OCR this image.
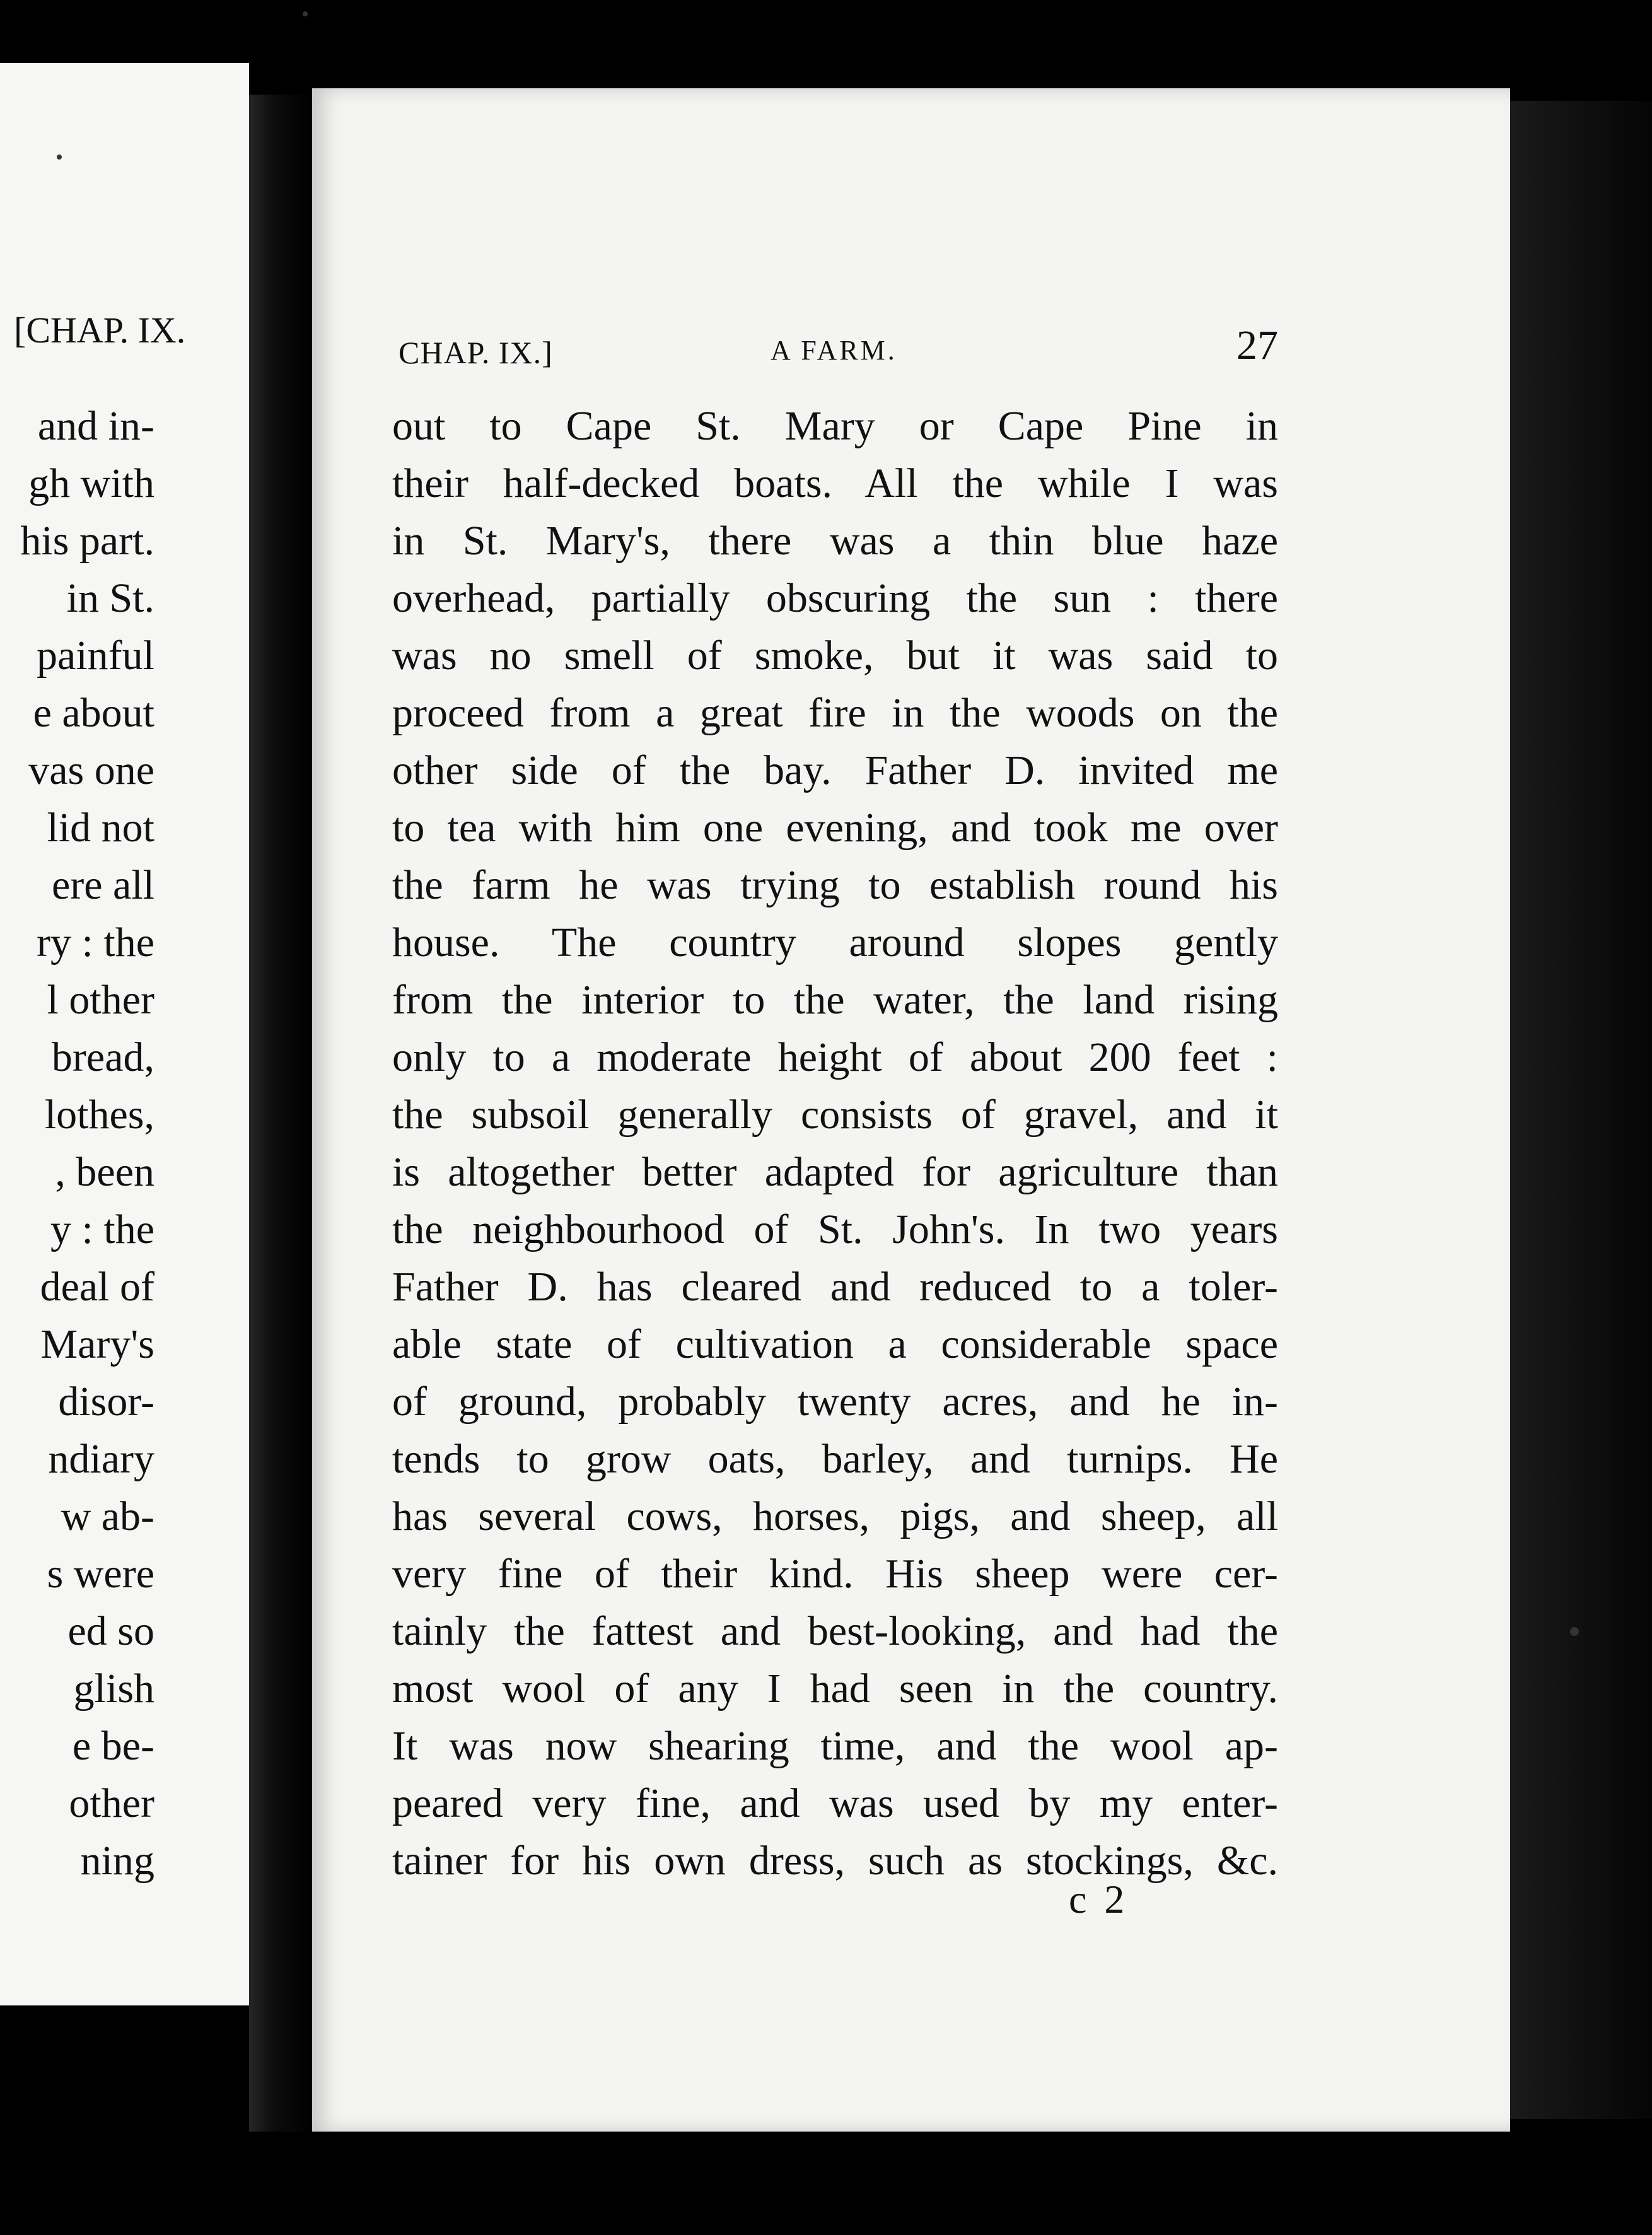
[CHAP. IX.
and in-
gh with
his part.
in St.
painful
e about
vas one
lid not
ere all
ry : the
l other
bread,
lothes,
, been
y : the
deal of
Mary's
disor-
ndiary
w ab-
s were
ed so
glish
e be-
other
ning
CHAP. IX.]	A FARM.	27
out to Cape St. Mary or Cape Pine in
their half-decked boats. All the while I was
in St. Mary's, there was a thin blue haze
overhead, partially obscuring the sun : there
was no smell of smoke, but it was said to
proceed from a great fire in the woods on the
other side of the bay. Father D. invited me
to tea with him one evening, and took me over
the farm he was trying to establish round his
house. The country around slopes gently
from the interior to the water, the land rising
only to a moderate height of about 200 feet :
the subsoil generally consists of gravel, and it
is altogether better adapted for agriculture than
the neighbourhood of St. John's. In two years
Father D. has cleared and reduced to a toler-
able state of cultivation a considerable space
of ground, probably twenty acres, and he in-
tends to grow oats, barley, and turnips. He
has several cows, horses, pigs, and sheep, all
very fine of their kind. His sheep were cer-
tainly the fattest and best-looking, and had the
most wool of any I had seen in the country.
It was now shearing time, and the wool ap-
peared very fine, and was used by my enter-
tainer for his own dress, such as stockings, &c.
c 2
